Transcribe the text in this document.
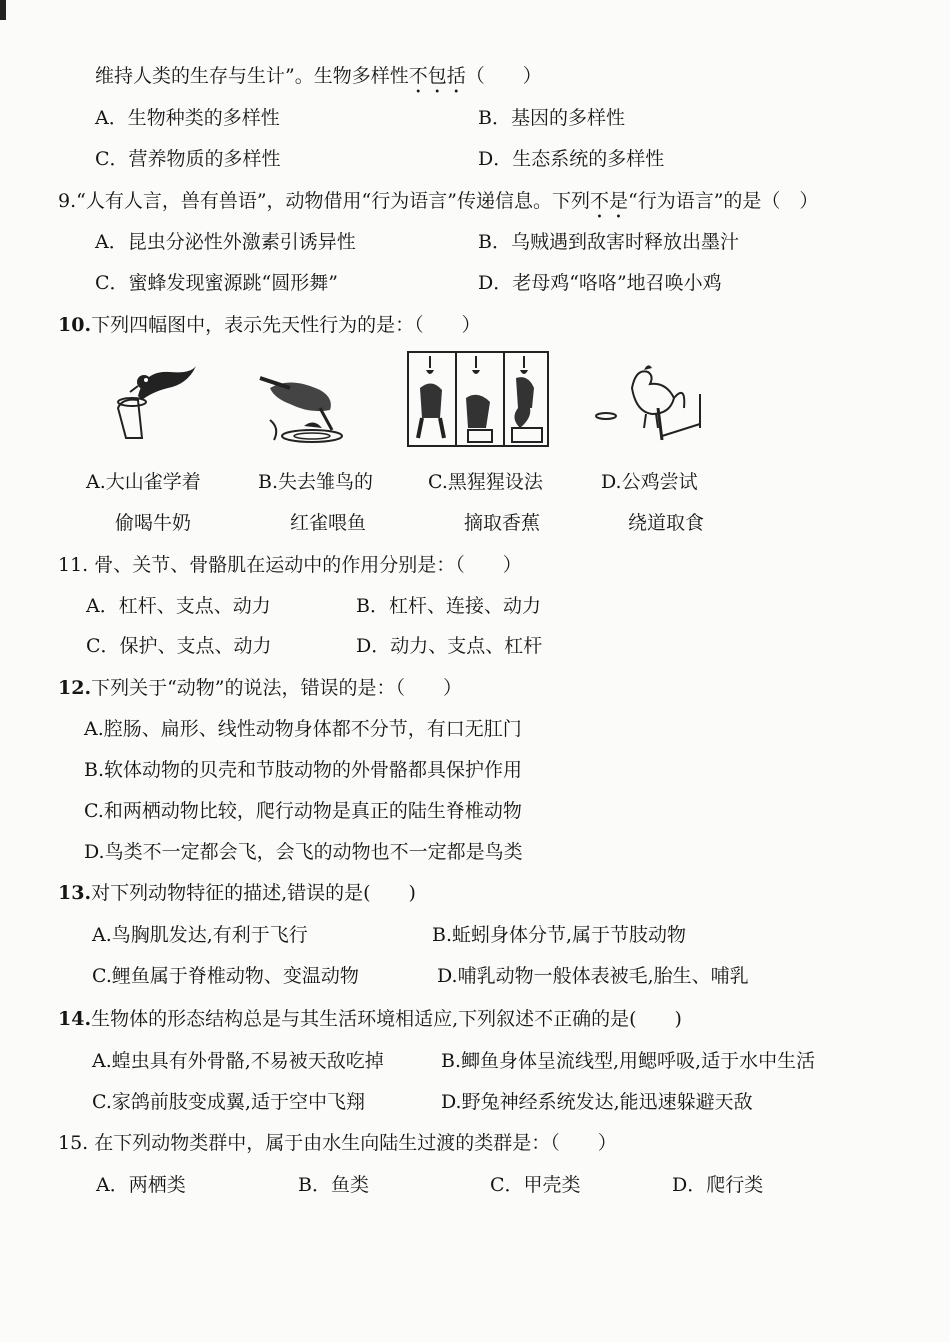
维持人类的生存与生计”。生物多样性不包括（　　）
A．生物种类的多样性	B．基因的多样性
C．营养物质的多样性	D．生态系统的多样性
9.“人有人言，兽有兽语”，动物借用“行为语言”传递信息。下列不是“行为语言”的是（　）
A．昆虫分泌性外激素引诱异性	B．乌贼遇到敌害时释放出墨汁
C．蜜蜂发现蜜源跳“圆形舞”	D．老母鸡“咯咯”地召唤小鸡
10.下列四幅图中，表示先天性行为的是：（　　）
A.大山雀学着	B.失去雏鸟的	C.黑猩猩设法	D.公鸡尝试
偷喝牛奶	红雀喂鱼	摘取香蕉	绕道取食
11. 骨、关节、骨骼肌在运动中的作用分别是：（　　）
A．杠杆、支点、动力	B．杠杆、连接、动力
C．保护、支点、动力	D．动力、支点、杠杆
12.下列关于“动物”的说法，错误的是：（　　）
A.腔肠、扁形、线性动物身体都不分节，有口无肛门
B.软体动物的贝壳和节肢动物的外骨骼都具保护作用
C.和两栖动物比较，爬行动物是真正的陆生脊椎动物
D.鸟类不一定都会飞，会飞的动物也不一定都是鸟类
13.对下列动物特征的描述,错误的是(　　)
A.鸟胸肌发达,有利于飞行	B.蚯蚓身体分节,属于节肢动物
C.鲤鱼属于脊椎动物、变温动物	D.哺乳动物一般体表被毛,胎生、哺乳
14.生物体的形态结构总是与其生活环境相适应,下列叙述不正确的是(　　)
A.蝗虫具有外骨骼,不易被天敌吃掉	B.鲫鱼身体呈流线型,用鳃呼吸,适于水中生活
C.家鸽前肢变成翼,适于空中飞翔	D.野兔神经系统发达,能迅速躲避天敌
15. 在下列动物类群中，属于由水生向陆生过渡的类群是：（　　）
A．两栖类	B．鱼类	C．甲壳类	D．爬行类
